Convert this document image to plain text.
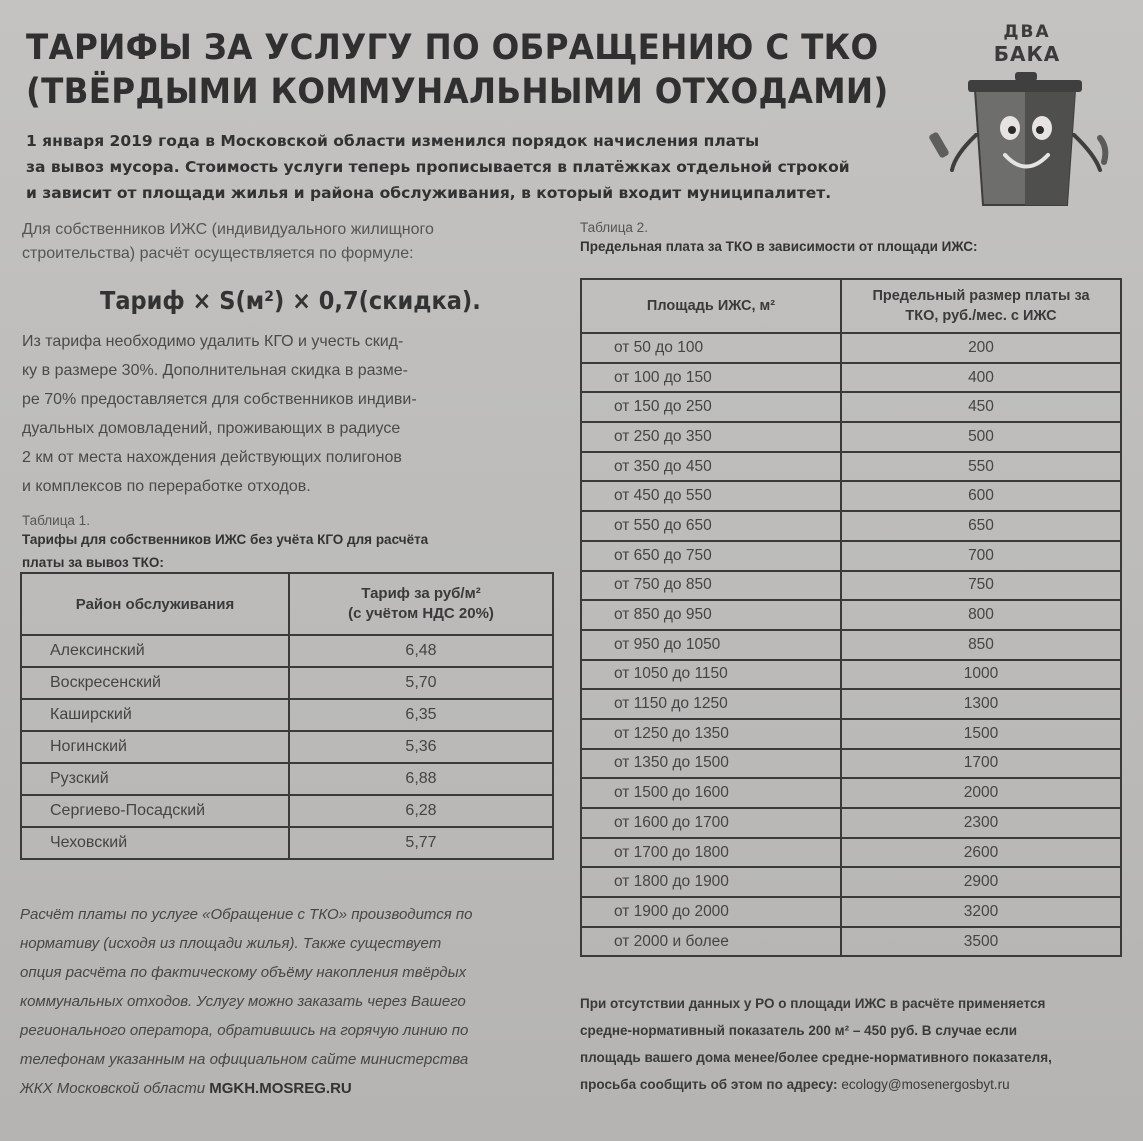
ТАРИФЫ ЗА УСЛУГУ ПО ОБРАЩЕНИЮ С ТКО
(ТВЁРДЫМИ КОММУНАЛЬНЫМИ ОТХОДАМИ)
ДВА
БАКА
1 января 2019 года в Московской области изменился порядок начисления платы
за вывоз мусора. Стоимость услуги теперь прописывается в платёжках отдельной строкой
и зависит от площади жилья и района обслуживания, в который входит муниципалитет.
Для собственников ИЖС (индивидуального жилищного
строительства) расчёт осуществляется по формуле:
Тариф × S(м²) × 0,7(скидка).
Из тарифа необходимо удалить КГО и учесть скид-
ку в размере 30%. Дополнительная скидка в разме-
ре 70% предоставляется для собственников индиви-
дуальных домовладений, проживающих в радиусе
2 км от места нахождения действующих полигонов
и комплексов по переработке отходов.
Таблица 1.
Тарифы для собственников ИЖС без учёта КГО для расчёта
платы за вывоз ТКО:
Район обслуживания	Тариф за руб/м²
(с учётом НДС 20%)
Алексинский	6,48
Воскресенский	5,70
Каширский	6,35
Ногинский	5,36
Рузский	6,88
Сергиево-Посадский	6,28
Чеховский	5,77
Расчёт платы по услуге «Обращение с ТКО» производится по
нормативу (исходя из площади жилья). Также существует
опция расчёта по фактическому объёму накопления твёрдых
коммунальных отходов. Услугу можно заказать через Вашего
регионального оператора, обратившись на горячую линию по
телефонам указанным на официальном сайте министерства
ЖКХ Московской области MGKH.MOSREG.RU
Таблица 2.
Предельная плата за ТКО в зависимости от площади ИЖС:
Площадь ИЖС, м²	Предельный размер платы за
ТКО, руб./мес. с ИЖС
от 50 до 100	200
от 100 до 150	400
от 150 до 250	450
от 250 до 350	500
от 350 до 450	550
от 450 до 550	600
от 550 до 650	650
от 650 до 750	700
от 750 до 850	750
от 850 до 950	800
от 950 до 1050	850
от 1050 до 1150	1000
от 1150 до 1250	1300
от 1250 до 1350	1500
от 1350 до 1500	1700
от 1500 до 1600	2000
от 1600 до 1700	2300
от 1700 до 1800	2600
от 1800 до 1900	2900
от 1900 до 2000	3200
от 2000 и более	3500
При отсутствии данных у РО о площади ИЖС в расчёте применяется
средне-нормативный показатель 200 м² – 450 руб. В случае если
площадь вашего дома менее/более средне-нормативного показателя,
просьба сообщить об этом по адресу: ecology@mosenergosbyt.ru
